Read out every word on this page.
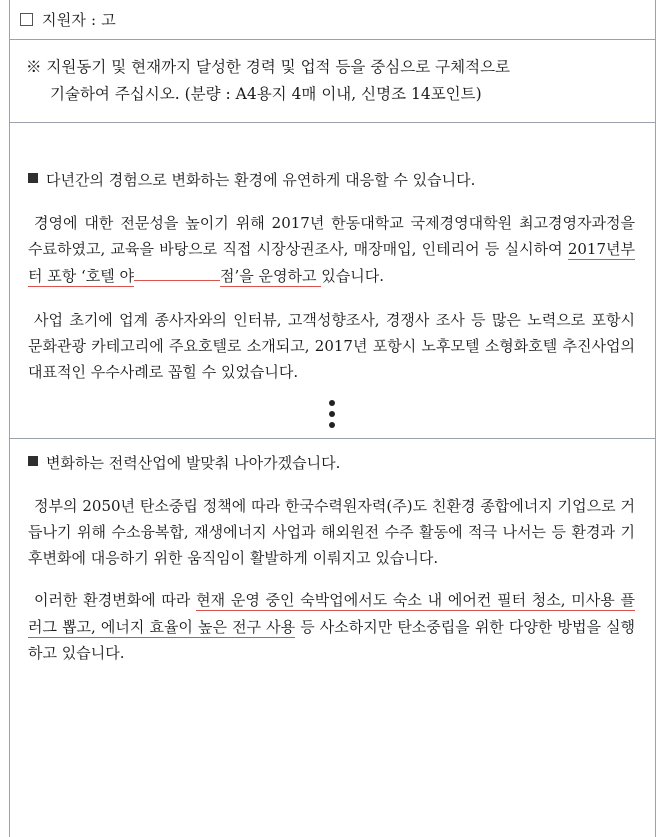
지원자 : 고
※ 지원동기 및 현재까지 달성한 경력 및 업적 등을 중심으로 구체적으로
기술하여 주십시오. (분량 : A4용지 4매 이내, 신명조 14포인트)
다년간의 경험으로 변화하는 환경에 유연하게 대응할 수 있습니다.

경영에 대한 전문성을 높이기 위해 2017년 한동대학교 국제경영대학원 최고경영자과정을 수료하였고, 교육을 바탕으로 직접 시장상권조사, 매장매입, 인테리어 등 실시하여 2017년부터 포항 ‘호텔 야	점’을 운영하고 있습니다.

사업 초기에 업계 종사자와의 인터뷰, 고객성향조사, 경쟁사 조사 등 많은 노력으로 포항시 문화관광 카테고리에 주요호텔로 소개되고, 2017년 포항시 노후모텔 소형화호텔 추진사업의 대표적인 우수사례로 꼽힐 수 있었습니다.

변화하는 전력산업에 발맞춰 나아가겠습니다.

정부의 2050년 탄소중립 정책에 따라 한국수력원자력(주)도 친환경 종합에너지 기업으로 거듭나기 위해 수소융복합, 재생에너지 사업과 해외원전 수주 활동에 적극 나서는 등 환경과 기후변화에 대응하기 위한 움직임이 활발하게 이뤄지고 있습니다.

이러한 환경변화에 따라 현재 운영 중인 숙박업에서도 숙소 내 에어컨 필터 청소, 미사용 플러그 뽑고, 에너지 효율이 높은 전구 사용 등 사소하지만 탄소중립을 위한 다양한 방법을 실행하고 있습니다.
